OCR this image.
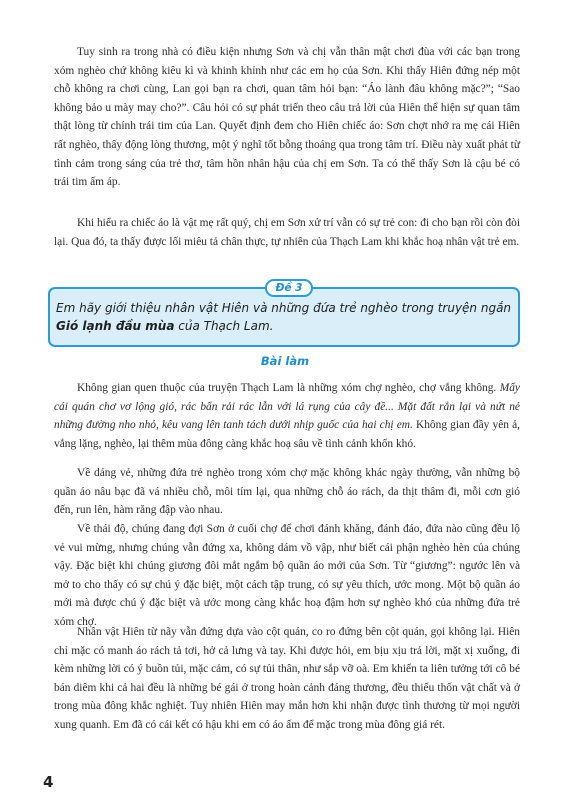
Tuy sinh ra trong nhà có điều kiện nhưng Sơn và chị vẫn thân mật chơi đùa với các bạn trong xóm nghèo chứ không kiêu kì và khinh khỉnh như các em họ của Sơn. Khi thấy Hiên đứng nép một chỗ không ra chơi cùng, Lan gọi bạn ra chơi, quan tâm hỏi bạn: “Áo lành đâu không mặc?”; “Sao không bảo u mày may cho?”. Câu hỏi có sự phát triển theo câu trả lời của Hiên thể hiện sự quan tâm thật lòng từ chính trái tim của Lan. Quyết định đem cho Hiên chiếc áo: Sơn chợt nhớ ra mẹ cái Hiên rất nghèo, thấy động lòng thương, một ý nghĩ tốt bỗng thoáng qua trong tâm trí. Điều này xuất phát từ tình cảm trong sáng của trẻ thơ, tâm hồn nhân hậu của chị em Sơn. Ta có thể thấy Sơn là cậu bé có trái tim ấm áp.

Khi hiểu ra chiếc áo là vật mẹ rất quý, chị em Sơn xử trí vẫn có sự trẻ con: đi cho bạn rồi còn đòi lại. Qua đó, ta thấy được lối miêu tả chân thực, tự nhiên của Thạch Lam khi khắc hoạ nhân vật trẻ em.

Đề 3
Em hãy giới thiệu nhân vật Hiên và những đứa trẻ nghèo trong truyện ngắn Gió lạnh đầu mùa của Thạch Lam.
Bài làm

Không gian quen thuộc của truyện Thạch Lam là những xóm chợ nghèo, chợ vắng không. Mấy cái quán chơ vơ lộng gió, rác bẩn rải rác lẫn với lá rụng của cây đề... Mặt đất rắn lại và nứt nẻ những đường nho nhỏ, kêu vang lên tanh tách dưới nhịp guốc của hai chị em. Không gian đầy yên ả, vắng lặng, nghèo, lại thêm mùa đông càng khắc hoạ sâu về tình cảnh khốn khó.

Về dáng vẻ, những đứa trẻ nghèo trong xóm chợ mặc không khác ngày thường, vẫn những bộ quần áo nâu bạc đã vá nhiều chỗ, môi tím lại, qua những chỗ áo rách, da thịt thâm đi, mỗi cơn gió đến, run lên, hàm răng đập vào nhau.

Về thái độ, chúng đang đợi Sơn ở cuối chợ để chơi đánh khăng, đánh đáo, đứa nào cũng đều lộ vẻ vui mừng, nhưng chúng vẫn đứng xa, không dám vồ vập, như biết cái phận nghèo hèn của chúng vậy. Đặc biệt khi chúng giương đôi mắt ngắm bộ quần áo mới của Sơn. Từ “giương”: ngước lên và mở to cho thấy có sự chú ý đặc biệt, một cách tập trung, có sự yêu thích, ước mong. Một bộ quần áo mới mà được chú ý đặc biệt và ước mong càng khắc hoạ đậm hơn sự nghèo khó của những đứa trẻ xóm chợ.

Nhân vật Hiên từ nãy vẫn đứng dựa vào cột quán, co ro đứng bên cột quán, gọi không lại. Hiên chỉ mặc có manh áo rách tả tơi, hở cả lưng và tay. Khi được hỏi, em bịu xịu trả lời, mặt xị xuống, đi kèm những lời có ý buồn tủi, mặc cảm, có sự tủi thân, như sắp vỡ oà. Em khiến ta liên tưởng tới cô bé bán diêm khi cả hai đều là những bé gái ở trong hoàn cảnh đáng thương, đều thiếu thốn vật chất và ở trong mùa đông khắc nghiệt. Tuy nhiên Hiên may mắn hơn khi nhận được tình thương từ mọi người xung quanh. Em đã có cái kết có hậu khi em có áo ấm để mặc trong mùa đông giá rét.

4
